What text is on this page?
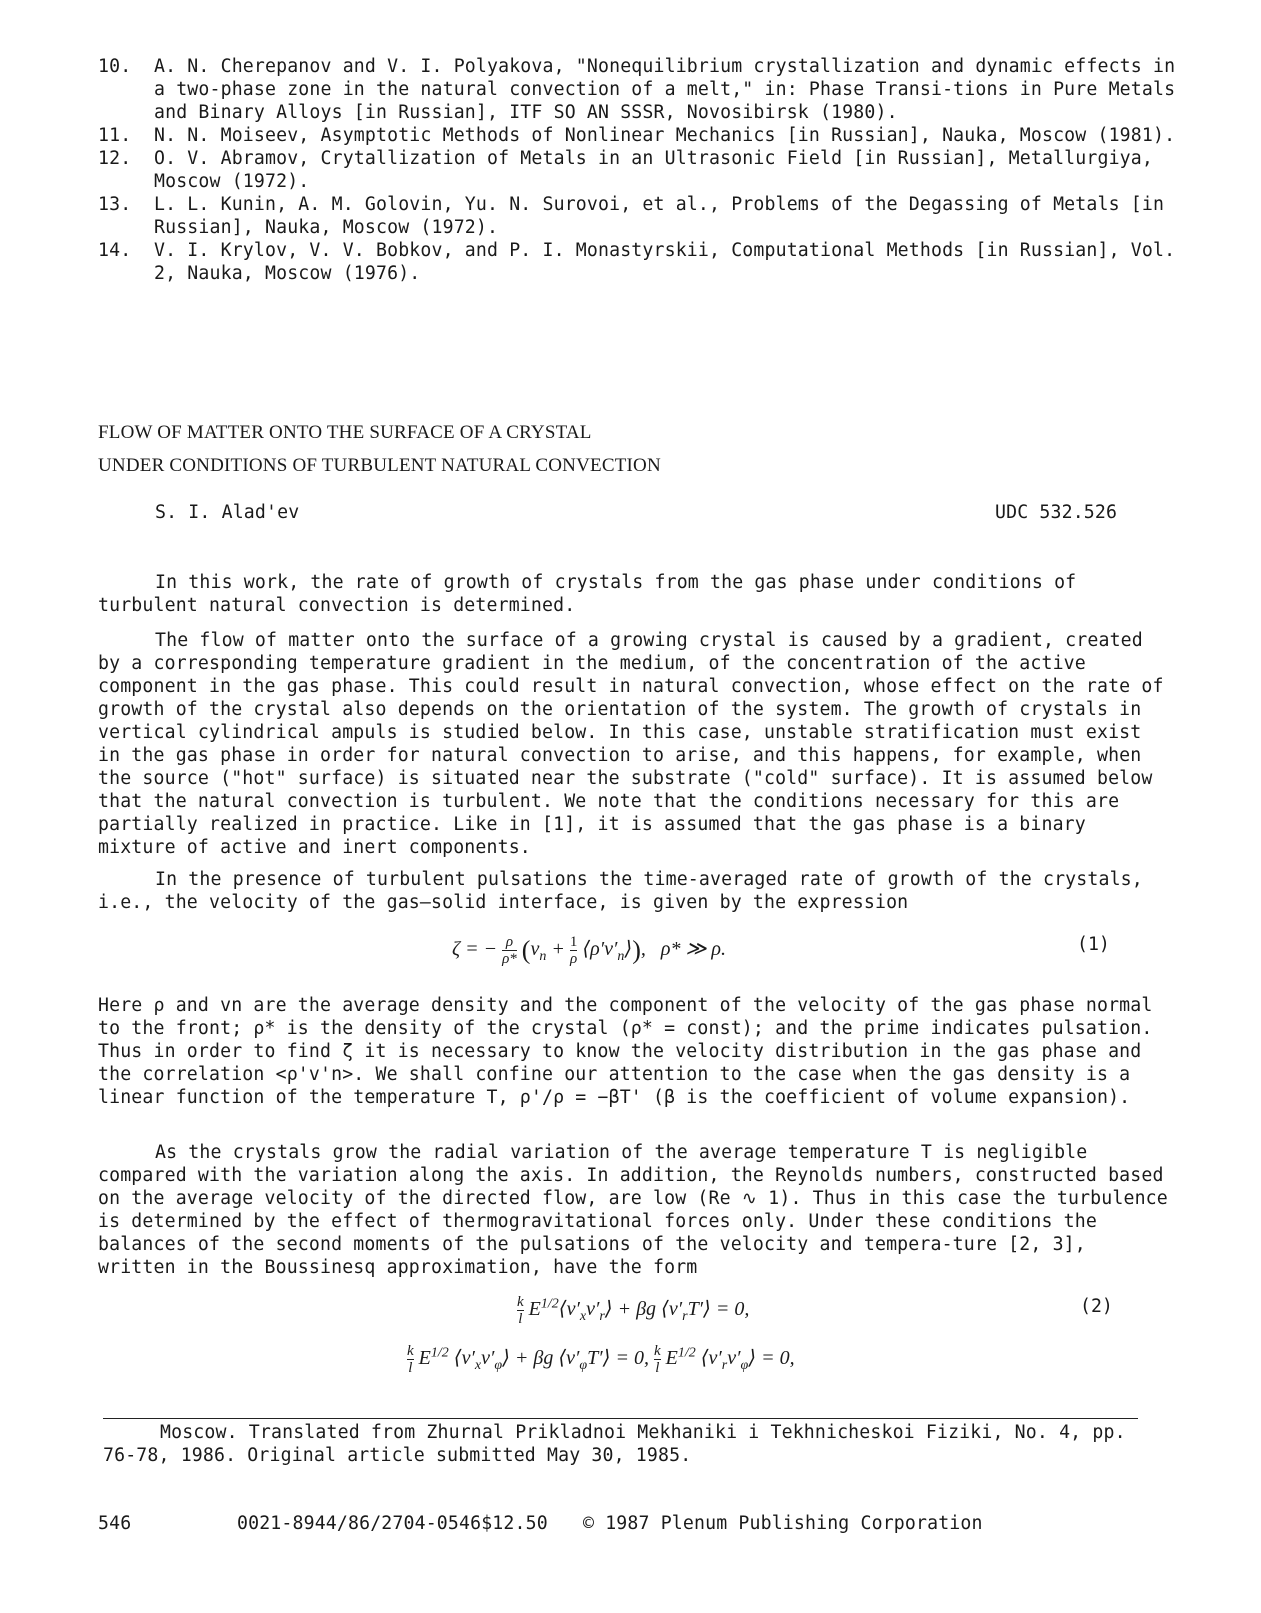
10.	A. N. Cherepanov and V. I. Polyakova, "Nonequilibrium crystallization and dynamic effects in a two-phase zone in the natural convection of a melt," in: Phase Transi-tions in Pure Metals and Binary Alloys [in Russian], ITF SO AN SSSR, Novosibirsk (1980).
11.	N. N. Moiseev, Asymptotic Methods of Nonlinear Mechanics [in Russian], Nauka, Moscow (1981).
12.	O. V. Abramov, Crytallization of Metals in an Ultrasonic Field [in Russian], Metallurgiya, Moscow (1972).
13.	L. L. Kunin, A. M. Golovin, Yu. N. Surovoi, et al., Problems of the Degassing of Metals [in Russian], Nauka, Moscow (1972).
14.	V. I. Krylov, V. V. Bobkov, and P. I. Monastyrskii, Computational Methods [in Russian], Vol. 2, Nauka, Moscow (1976).
FLOW OF MATTER ONTO THE SURFACE OF A CRYSTAL
UNDER CONDITIONS OF TURBULENT NATURAL CONVECTION
S. I. Alad'ev	UDC 532.526

In this work, the rate of growth of crystals from the gas phase under conditions of turbulent natural convection is determined.

The flow of matter onto the surface of a growing crystal is caused by a gradient, created by a corresponding temperature gradient in the medium, of the concentration of the active component in the gas phase. This could result in natural convection, whose effect on the rate of growth of the crystal also depends on the orientation of the system. The growth of crystals in vertical cylindrical ampuls is studied below. In this case, unstable stratification must exist in the gas phase in order for natural convection to arise, and this happens, for example, when the source ("hot" surface) is situated near the substrate ("cold" surface). It is assumed below that the natural convection is turbulent. We note that the conditions necessary for this are partially realized in practice. Like in [1], it is assumed that the gas phase is a binary mixture of active and inert components.

In the presence of turbulent pulsations the time-averaged rate of growth of the crystals, i.e., the velocity of the gas–solid interface, is given by the expression

ζ = − $\frac{\rho}{\rho*} (v_n + \frac{1}{\rho}$ $⟨\rho'v'_n⟩$),   ρ* ≫ ρ.	(1)

Here ρ and vn are the average density and the component of the velocity of the gas phase normal to the front; ρ* is the density of the crystal (ρ* = const); and the prime indicates pulsation. Thus in order to find ζ it is necessary to know the velocity distribution in the gas phase and the correlation <ρ'v'n>. We shall confine our attention to the case when the gas density is a linear function of the temperature T, ρ'/ρ = −βT' (β is the coefficient of volume expansion).

As the crystals grow the radial variation of the average temperature T is negligible compared with the variation along the axis. In addition, the Reynolds numbers, constructed based on the average velocity of the directed flow, are low (Re ∿ 1). Thus in this case the turbulence is determined by the effect of thermogravitational forces only. Under these conditions the balances of the second moments of the pulsations of the velocity and tempera-ture [2, 3], written in the Boussinesq approximation, have the form

$\frac{k}{l}$ $E^{1/2}⟨v'_xv'_r⟩ + \beta g$ $⟨v'_rT'⟩ = 0$,	(2)
$\frac{k}{l} E^{1/2}$ $⟨v'_xv'_\varphi⟩ + \beta g$ $⟨v'_\varphi T'⟩ = 0$, $\frac{k}{l} E^{1/2}$ $⟨v'_rv'_\varphi⟩ = 0$,

Moscow. Translated from Zhurnal Prikladnoi Mekhaniki i Tekhnicheskoi Fiziki, No. 4, pp. 76-78, 1986. Original article submitted May 30, 1985.

546	0021-8944/86/2704-0546$12.50 © 1987 Plenum Publishing Corporation
